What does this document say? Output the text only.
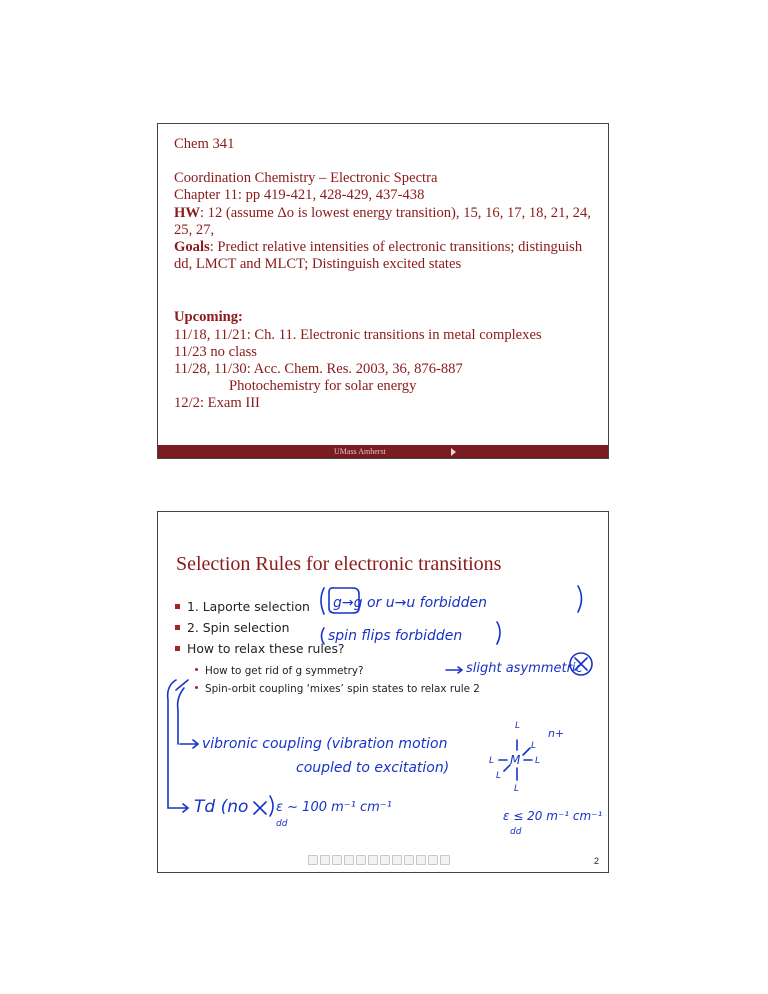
Chem 341

Coordination Chemistry – Electronic Spectra

Chapter 11: pp 419-421, 428-429, 437-438

HW: 12 (assume Δo is lowest energy transition), 15, 16, 17, 18, 21, 24, 25, 27,

Goals: Predict relative intensities of electronic transitions; distinguish dd, LMCT and MLCT; Distinguish excited states

Upcoming:

11/18, 11/21: Ch. 11. Electronic transitions in metal complexes

11/23 no class

11/28, 11/30: Acc. Chem. Res. 2003, 36, 876-887

Photochemistry for solar energy

12/2: Exam III

UMass Amherst
Selection Rules for electronic transitions
1. Laporte selection
2. Spin selection
How to relax these rules?
How to get rid of g symmetry?
Spin-orbit coupling ‘mixes’ spin states to relax rule 2
g→g or u→u forbidden
spin flips forbidden
slight asymmetric
vibronic coupling (vibration motion
coupled to excitation)
Td (no ε ~ 100 m⁻¹ cm⁻¹
dd
n+
L
M
L	L
L
L
L
ε ≤ 20 m⁻¹ cm⁻¹
dd
2
